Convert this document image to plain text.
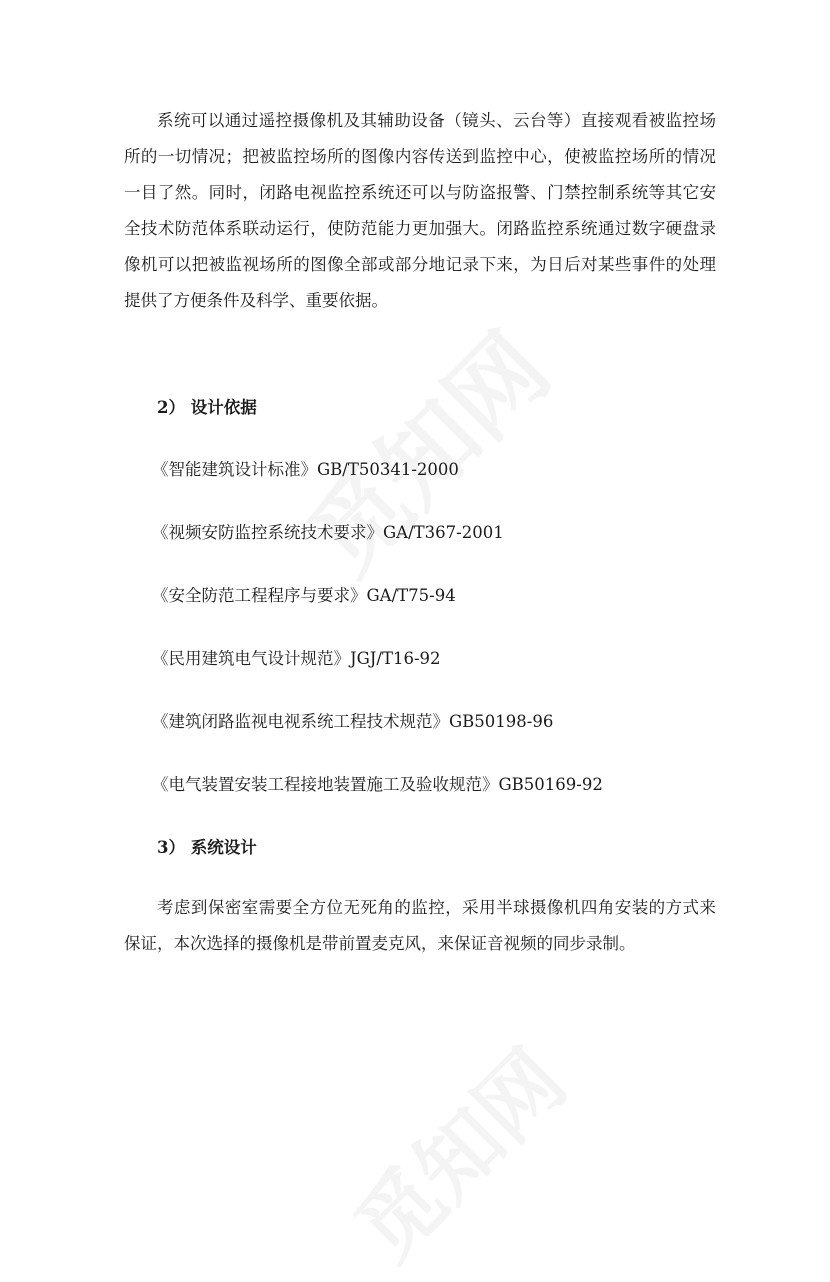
系统可以通过遥控摄像机及其辅助设备（镜头、云台等）直接观看被监控场
所的一切情况；把被监控场所的图像内容传送到监控中心，使被监控场所的情况
一目了然。同时，闭路电视监控系统还可以与防盗报警、门禁控制系统等其它安
全技术防范体系联动运行，使防范能力更加强大。闭路监控系统通过数字硬盘录
像机可以把被监视场所的图像全部或部分地记录下来，为日后对某些事件的处理
提供了方便条件及科学、重要依据。

2） 设计依据

《智能建筑设计标准》GB/T50341-2000

《视频安防监控系统技术要求》GA/T367-2001

《安全防范工程程序与要求》GA/T75-94

《民用建筑电气设计规范》JGJ/T16-92

《建筑闭路监视电视系统工程技术规范》GB50198-96

《电气装置安装工程接地装置施工及验收规范》GB50169-92

3） 系统设计

考虑到保密室需要全方位无死角的监控，采用半球摄像机四角安装的方式来
保证，本次选择的摄像机是带前置麦克风，来保证音视频的同步录制。
